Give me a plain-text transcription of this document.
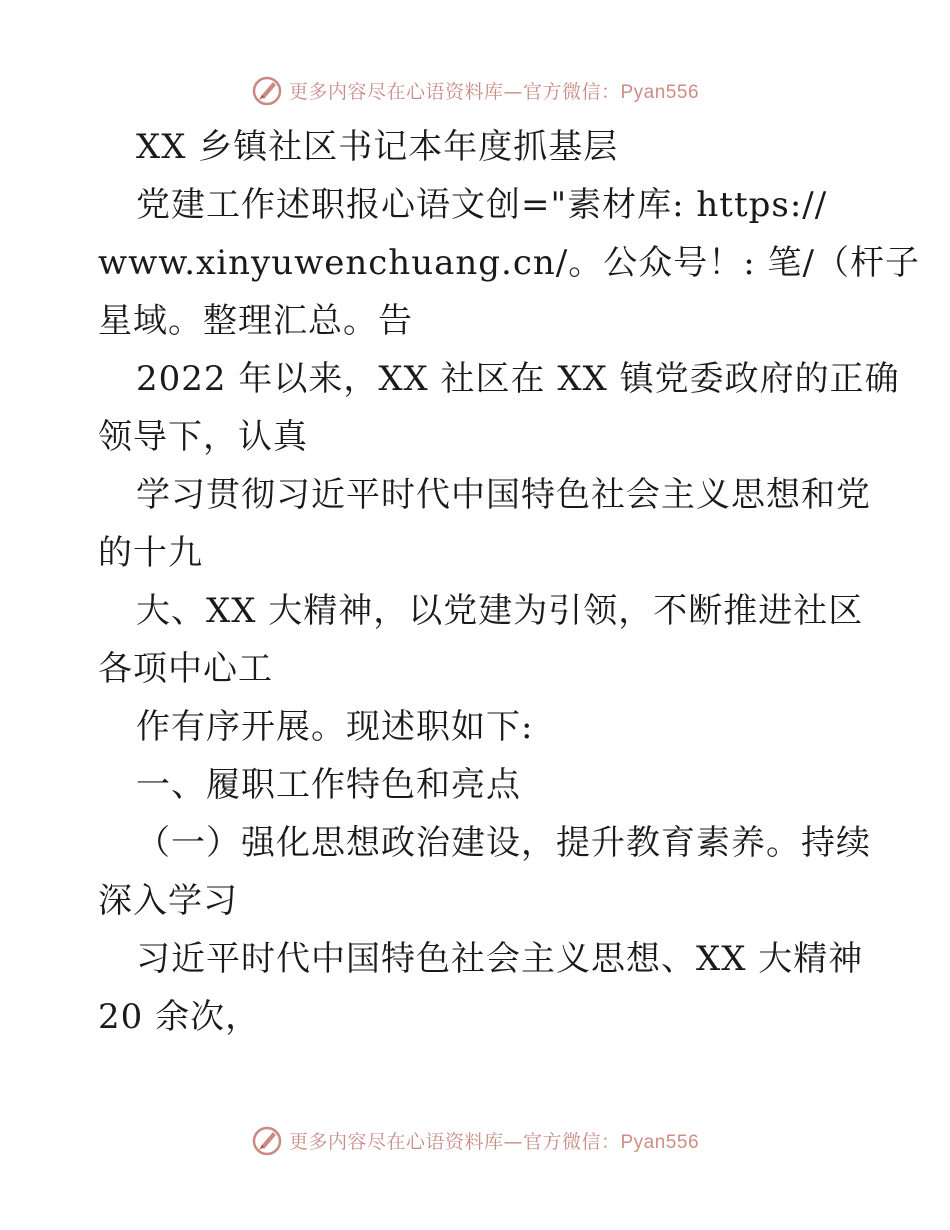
更多内容尽在心语资料库—官方微信：Pyan556
XX 乡镇社区书记本年度抓基层
党建工作述职报心语文创="素材库: https://
www.xinyuwenchuang.cn/。公众号！: 笔/（杆子
星域。整理汇总。告
2022 年以来，XX 社区在 XX 镇党委政府的正确
领导下，认真
学习贯彻习近平时代中国特色社会主义思想和党
的十九
大、XX 大精神，以党建为引领，不断推进社区
各项中心工
作有序开展。现述职如下:
一、履职工作特色和亮点
（一）强化思想政治建设，提升教育素养。持续
深入学习
习近平时代中国特色社会主义思想、XX 大精神
20 余次，
更多内容尽在心语资料库—官方微信：Pyan556
